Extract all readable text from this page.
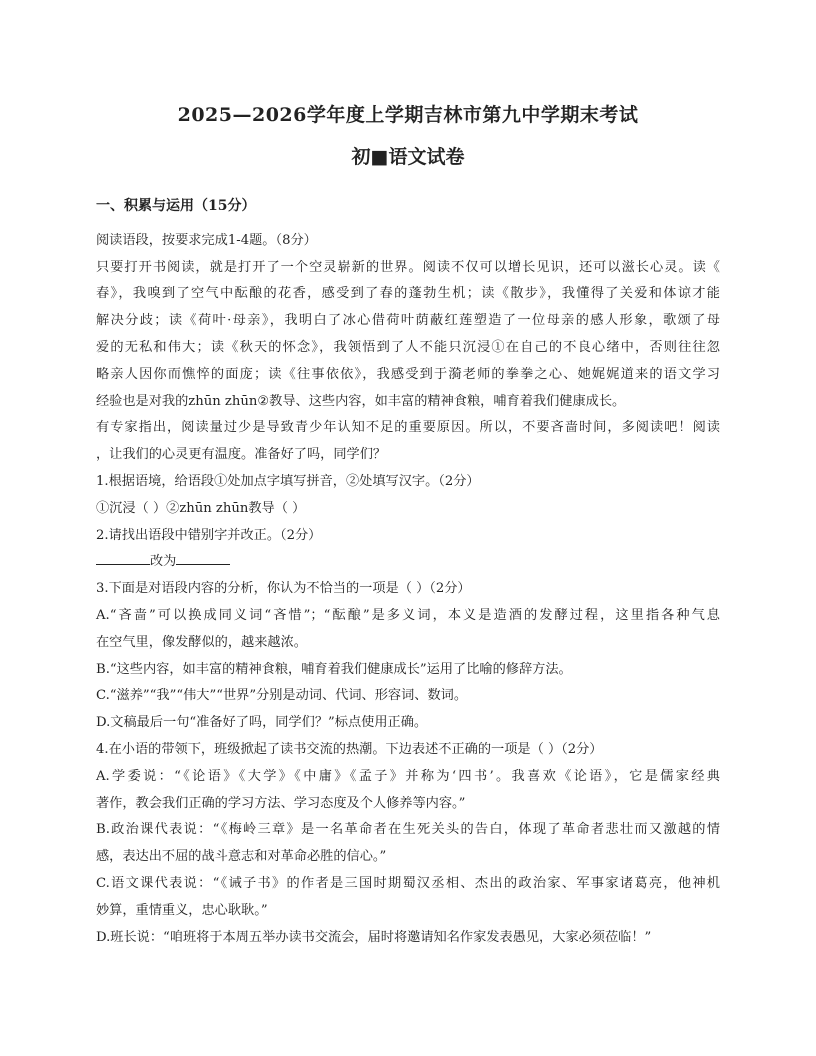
2025—2026学年度上学期吉林市第九中学期末考试
初■语文试卷
一、积累与运用（15分）
阅读语段，按要求完成1-4题。（8分）
只要打开书阅读，就是打开了一个空灵崭新的世界。阅读不仅可以增长见识，还可以滋长心灵。读《
春》，我嗅到了空气中酝酿的花香，感受到了春的蓬勃生机；读《散步》，我懂得了关爱和体谅才能
解决分歧；读《荷叶·母亲》，我明白了冰心借荷叶荫蔽红莲塑造了一位母亲的感人形象，歌颂了母
爱的无私和伟大；读《秋天的怀念》，我领悟到了人不能只沉浸①在自己的不良心绪中，否则往往忽
略亲人因你而憔悴的面庞；读《往事依依》，我感受到于漪老师的拳拳之心、她娓娓道来的语文学习
经验也是对我的zhūn zhūn②教导、这些内容，如丰富的精神食粮，哺育着我们健康成长。
有专家指出，阅读量过少是导致青少年认知不足的重要原因。所以，不要吝啬时间，多阅读吧！阅读
，让我们的心灵更有温度。准备好了吗，同学们？
1.根据语境，给语段①处加点字填写拼音，②处填写汉字。（2分）
①沉浸（ ）②zhūn zhūn教导（ ）
2.请找出语段中错别字并改正。（2分）
改为
3.下面是对语段内容的分析，你认为不恰当的一项是（ ）（2分）
A.“吝啬”可以换成同义词“吝惜”；“酝酿”是多义词，本义是造酒的发酵过程，这里指各种气息
在空气里，像发酵似的，越来越浓。
B.“这些内容，如丰富的精神食粮，哺育着我们健康成长”运用了比喻的修辞方法。
C.“滋养”“我”“伟大”“世界”分别是动词、代词、形容词、数词。
D.文稿最后一句“准备好了吗，同学们？”标点使用正确。
4.在小语的带领下，班级掀起了读书交流的热潮。下边表述不正确的一项是（ ）（2分）
A.学委说：“《论语》《大学》《中庸》《孟子》并称为‘四书’。我喜欢《论语》，它是儒家经典
著作，教会我们正确的学习方法、学习态度及个人修养等内容。”
B.政治课代表说：“《梅岭三章》是一名革命者在生死关头的告白，体现了革命者悲壮而又激越的情
感，表达出不屈的战斗意志和对革命必胜的信心。”
C.语文课代表说：“《诫子书》的作者是三国时期蜀汉丞相、杰出的政治家、军事家诸葛亮，他神机
妙算，重情重义，忠心耿耿。”
D.班长说：“咱班将于本周五举办读书交流会，届时将邀请知名作家发表愚见，大家必须莅临！”
